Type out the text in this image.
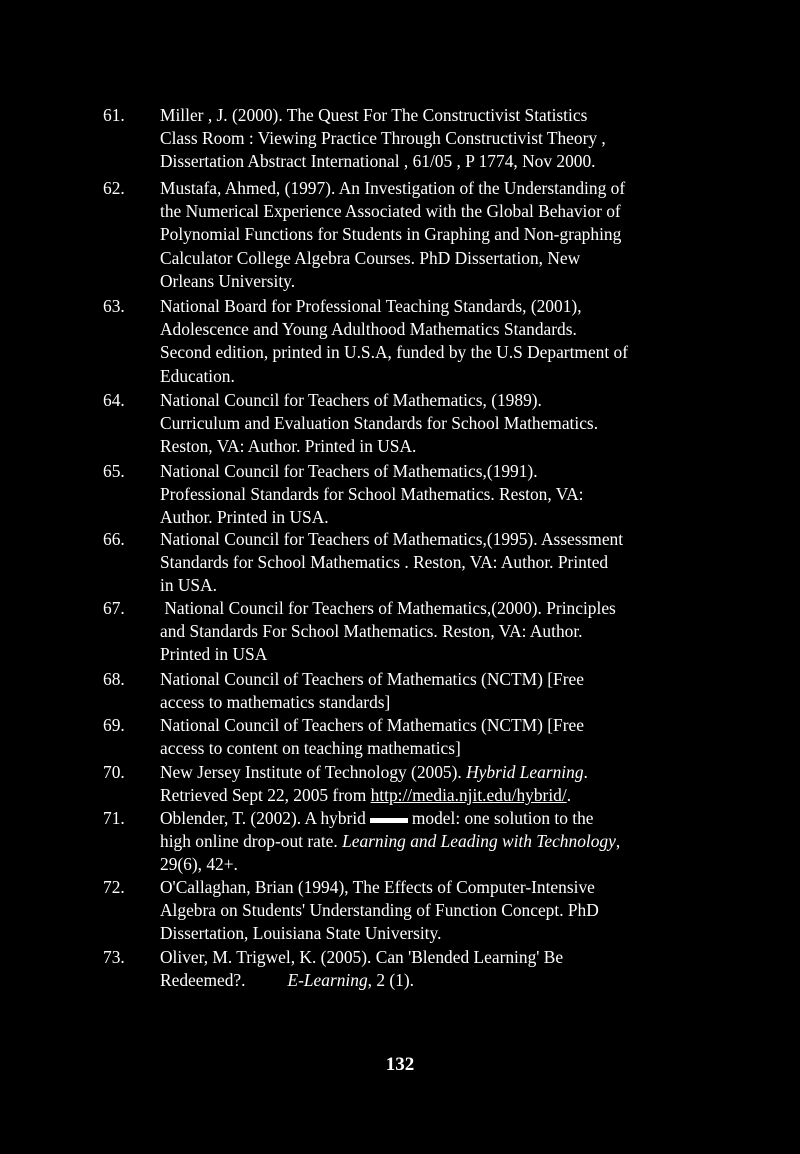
61.	Miller , J. (2000). The Quest For The Constructivist Statistics
Class Room : Viewing Practice Through Constructivist Theory ,
Dissertation Abstract International , 61/05 , P 1774, Nov 2000.
62.	Mustafa, Ahmed, (1997). An Investigation of the Understanding of
the Numerical Experience Associated with the Global Behavior of
Polynomial Functions for Students in Graphing and Non-graphing
Calculator College Algebra Courses. PhD Dissertation, New
Orleans University.
63.	National Board for Professional Teaching Standards, (2001),
Adolescence and Young Adulthood Mathematics Standards.
Second edition, printed in U.S.A, funded by the U.S Department of
Education.
64.	National Council for Teachers of Mathematics, (1989).
Curriculum and Evaluation Standards for School Mathematics.
Reston, VA: Author. Printed in USA.
65.	National Council for Teachers of Mathematics,(1991).
Professional Standards for School Mathematics. Reston, VA:
Author. Printed in USA.
66.	National Council for Teachers of Mathematics,(1995). Assessment
Standards for School Mathematics . Reston, VA: Author. Printed
in USA.
67.	National Council for Teachers of Mathematics,(2000). Principles
and Standards For School Mathematics. Reston, VA: Author.
Printed in USA
68.	National Council of Teachers of Mathematics (NCTM) [Free
access to mathematics standards]
69.	National Council of Teachers of Mathematics (NCTM) [Free
access to content on teaching mathematics]
70.	New Jersey Institute of Technology (2005). Hybrid Learning.
Retrieved Sept 22, 2005 from http://media.njit.edu/hybrid/.
71.	Oblender, T. (2002). A hybrid	model: one solution to the
high online drop-out rate. Learning and Leading with Technology,
29(6), 42+.
72.	O'Callaghan, Brian (1994), The Effects of Computer-Intensive
Algebra on Students' Understanding of Function Concept. PhD
Dissertation, Louisiana State University.
73.	Oliver, M. Trigwel, K. (2005). Can 'Blended Learning' Be
Redeemed?. E-Learning, 2 (1).
132
